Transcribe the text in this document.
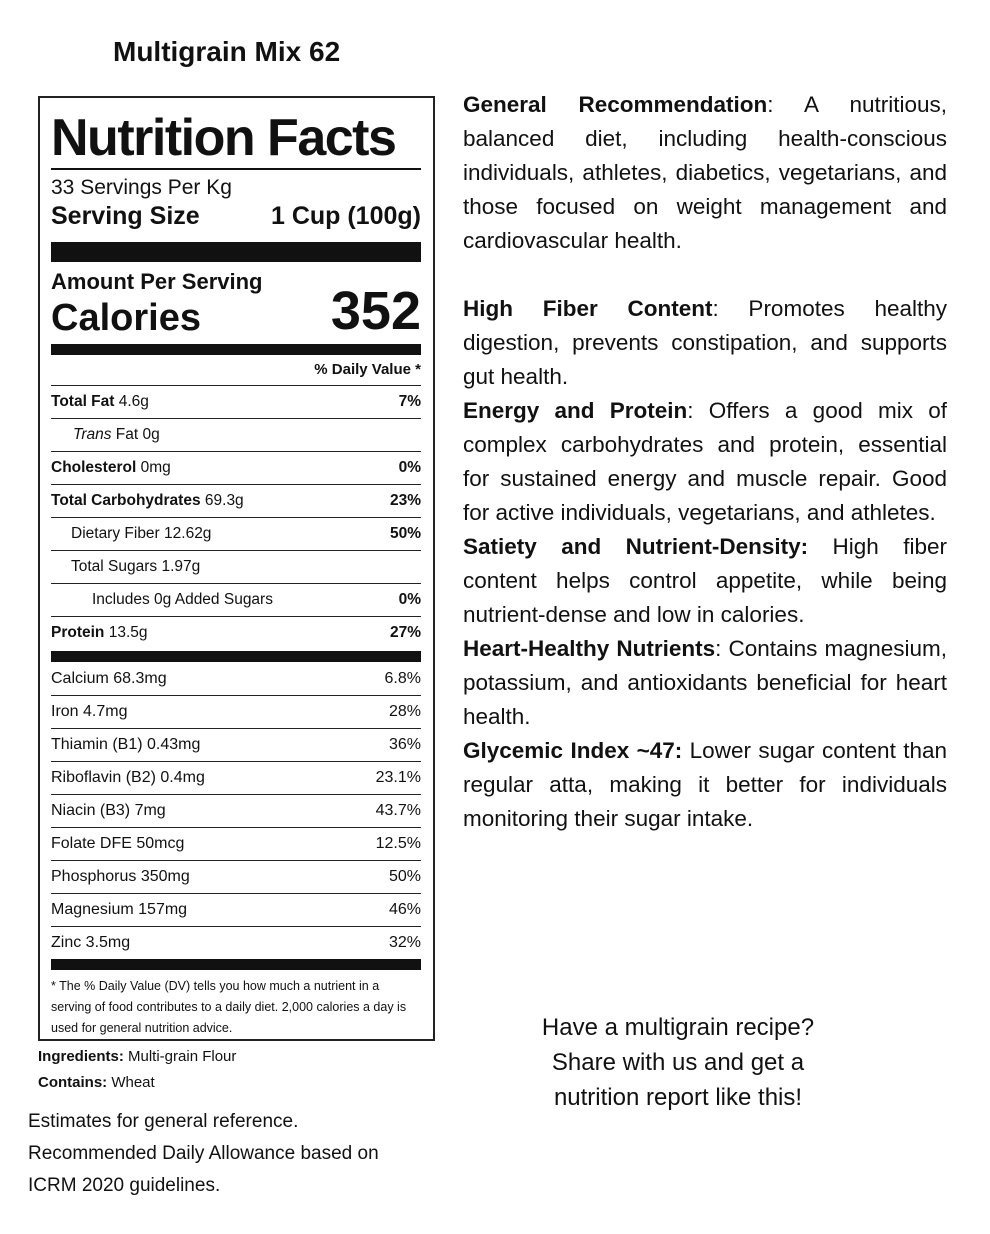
Multigrain Mix 62
Nutrition Facts
33 Servings Per Kg
Serving Size	1 Cup (100g)
Amount Per Serving
Calories 352
% Daily Value *
Total Fat 4.6g	7%
Trans Fat 0g
Cholesterol 0mg	0%
Total Carbohydrates 69.3g	23%
Dietary Fiber 12.62g	50%
Total Sugars 1.97g
Includes 0g Added Sugars	0%
Protein 13.5g	27%
Calcium 68.3mg	6.8%
Iron 4.7mg	28%
Thiamin (B1) 0.43mg	36%
Riboflavin (B2) 0.4mg	23.1%
Niacin (B3) 7mg	43.7%
Folate DFE 50mcg	12.5%
Phosphorus 350mg	50%
Magnesium 157mg	46%
Zinc 3.5mg	32%
* The % Daily Value (DV) tells you how much a nutrient in a serving of food contributes to a daily diet. 2,000 calories a day is used for general nutrition advice.
Ingredients: Multi-grain Flour
Contains: Wheat
Estimates for general reference.
Recommended Daily Allowance based on
ICRM 2020 guidelines.

General Recommendation: A nutritious, balanced diet, including health-conscious individuals, athletes, diabetics, vegetarians, and those focused on weight management and cardiovascular health.

High Fiber Content: Promotes healthy digestion, prevents constipation, and supports gut health.

Energy and Protein: Offers a good mix of complex carbohydrates and protein, essential for sustained energy and muscle repair. Good for active individuals, vegetarians, and athletes.

Satiety and Nutrient-Density: High fiber content helps control appetite, while being nutrient-dense and low in calories.

Heart-Healthy Nutrients: Contains magnesium, potassium, and antioxidants beneficial for heart health.

Glycemic Index ~47: Lower sugar content than regular atta, making it better for individuals monitoring their sugar intake.

Have a multigrain recipe?
Share with us and get a
nutrition report like this!
